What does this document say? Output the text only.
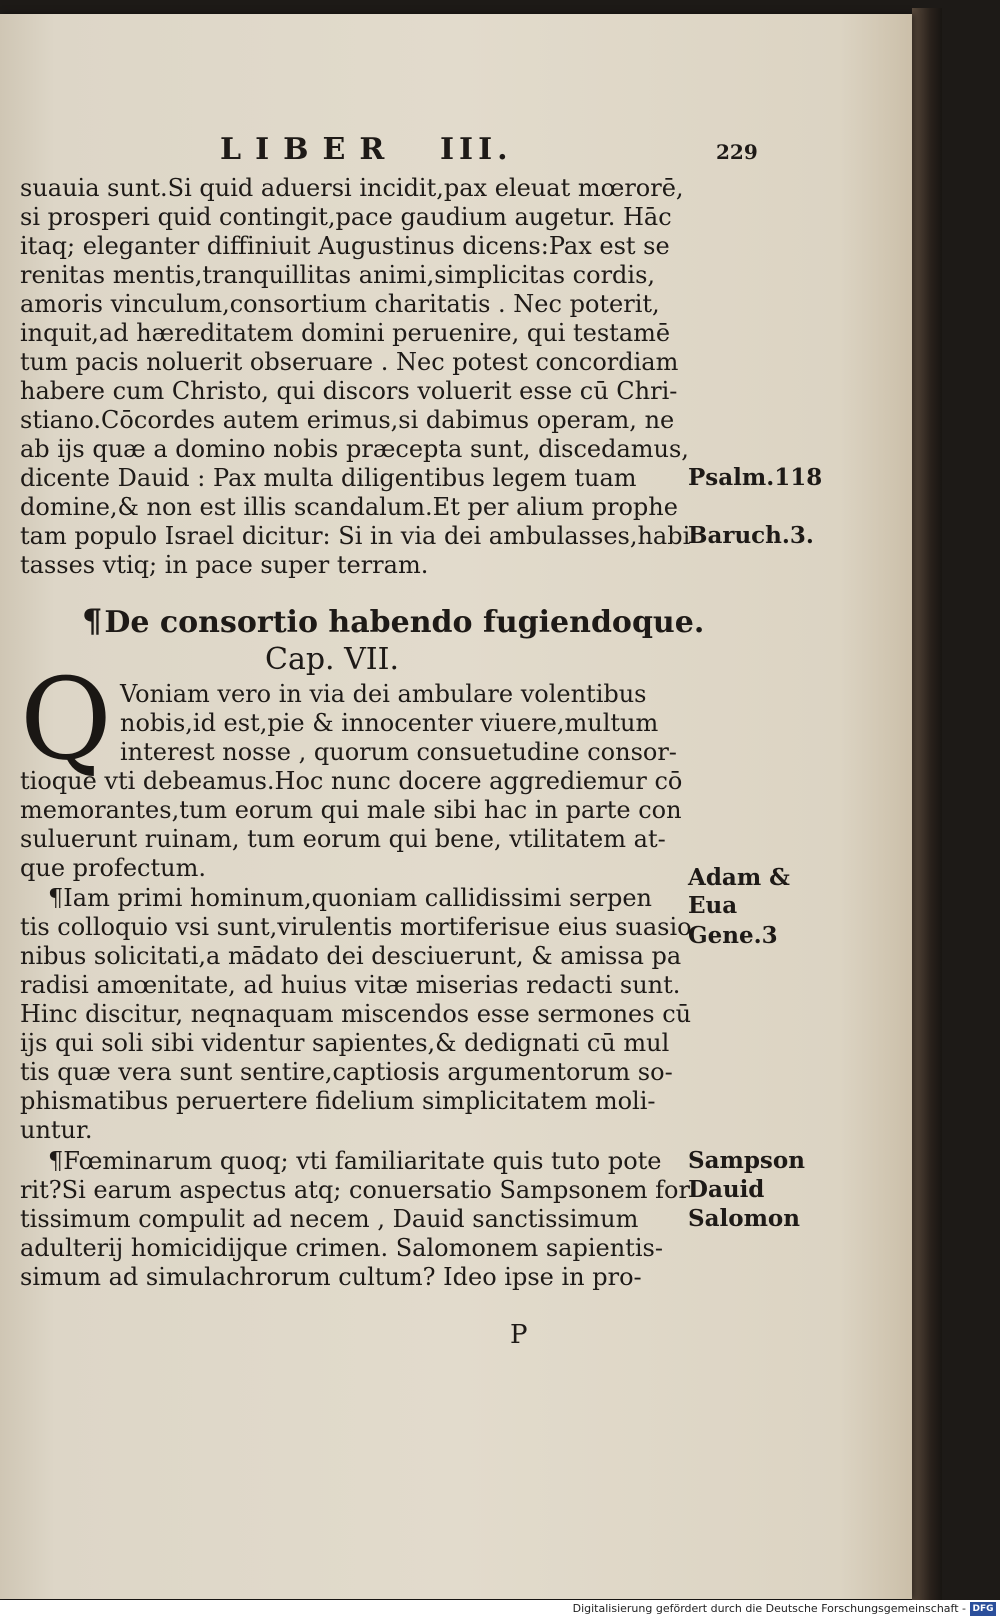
LIBER III.	229
suauia sunt.Si quid aduersi incidit,pax eleuat mœrorē,
si prosperi quid contingit,pace gaudium augetur. Hāc
itaq; eleganter diffiniuit Augustinus dicens:Pax est se
renitas mentis,tranquillitas animi,simplicitas cordis,
amoris vinculum,consortium charitatis . Nec poterit,
inquit,ad hæreditatem domini peruenire, qui testamē
tum pacis noluerit obseruare . Nec potest concordiam
habere cum Christo, qui discors voluerit esse cū Chri-
stiano.Cōcordes autem erimus,si dabimus operam, ne
ab ijs quæ a domino nobis præcepta sunt, discedamus,
dicente Dauid : Pax multa diligentibus legem tuam
domine,& non est illis scandalum.Et per alium prophe
tam populo Israel dicitur: Si in via dei ambulasses,habi
tasses vtiq; in pace super terram.
Psalm.118
Baruch.3.
¶De consortio habendo fugiendoque.
Cap. VII.
Q Voniam vero in via dei ambulare volentibus
nobis,id est,pie & innocenter viuere,multum
interest nosse , quorum consuetudine consor-
tioque vti debeamus.Hoc nunc docere aggrediemur cō
memorantes,tum eorum qui male sibi hac in parte con
suluerunt ruinam, tum eorum qui bene, vtilitatem at-
que profectum.
¶Iam primi hominum,quoniam callidissimi serpen
tis colloquio vsi sunt,virulentis mortiferisue eius suasio
nibus solicitati,a mādato dei desciuerunt, & amissa pa
radisi amœnitate, ad huius vitæ miserias redacti sunt.
Hinc discitur, neqnaquam miscendos esse sermones cū
ijs qui soli sibi videntur sapientes,& dedignati cū mul
tis quæ vera sunt sentire,captiosis argumentorum so-
phismatibus peruertere fidelium simplicitatem moli-
untur.
Adam &
Eua
Gene.3
¶Fœminarum quoq; vti familiaritate quis tuto pote
rit?Si earum aspectus atq; conuersatio Sampsonem for
tissimum compulit ad necem , Dauid sanctissimum
adulterij homicidijque crimen. Salomonem sapientis-
simum ad simulachrorum cultum? Ideo ipse in pro-
Sampson
Dauid
Salomon
P
Digitalisierung gefördert durch die Deutsche Forschungsgemeinschaft - DFG
